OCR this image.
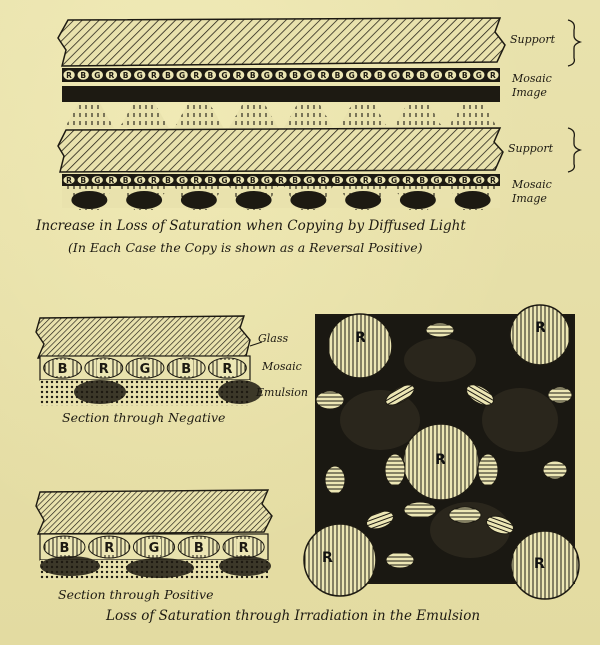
R B G R B G R B G R B G R B G R B G R B G R B G R B G R B G R
R B G R B G R B G R B G R B G R B G R B G R B G R B G R B G R
B R G B R
B	R	G	B	R
Support
Mosaic
Image
Support
Mosaic
Image
Increase in Loss of Saturation when Copying by Diffused Light
(In Each Case the Copy is shown as a Reversal Positive)
Glass
Mosaic
Emulsion
Section through Negative
Section through Positive
Loss of Saturation through Irradiation in the Emulsion
R
R
R
R	R
